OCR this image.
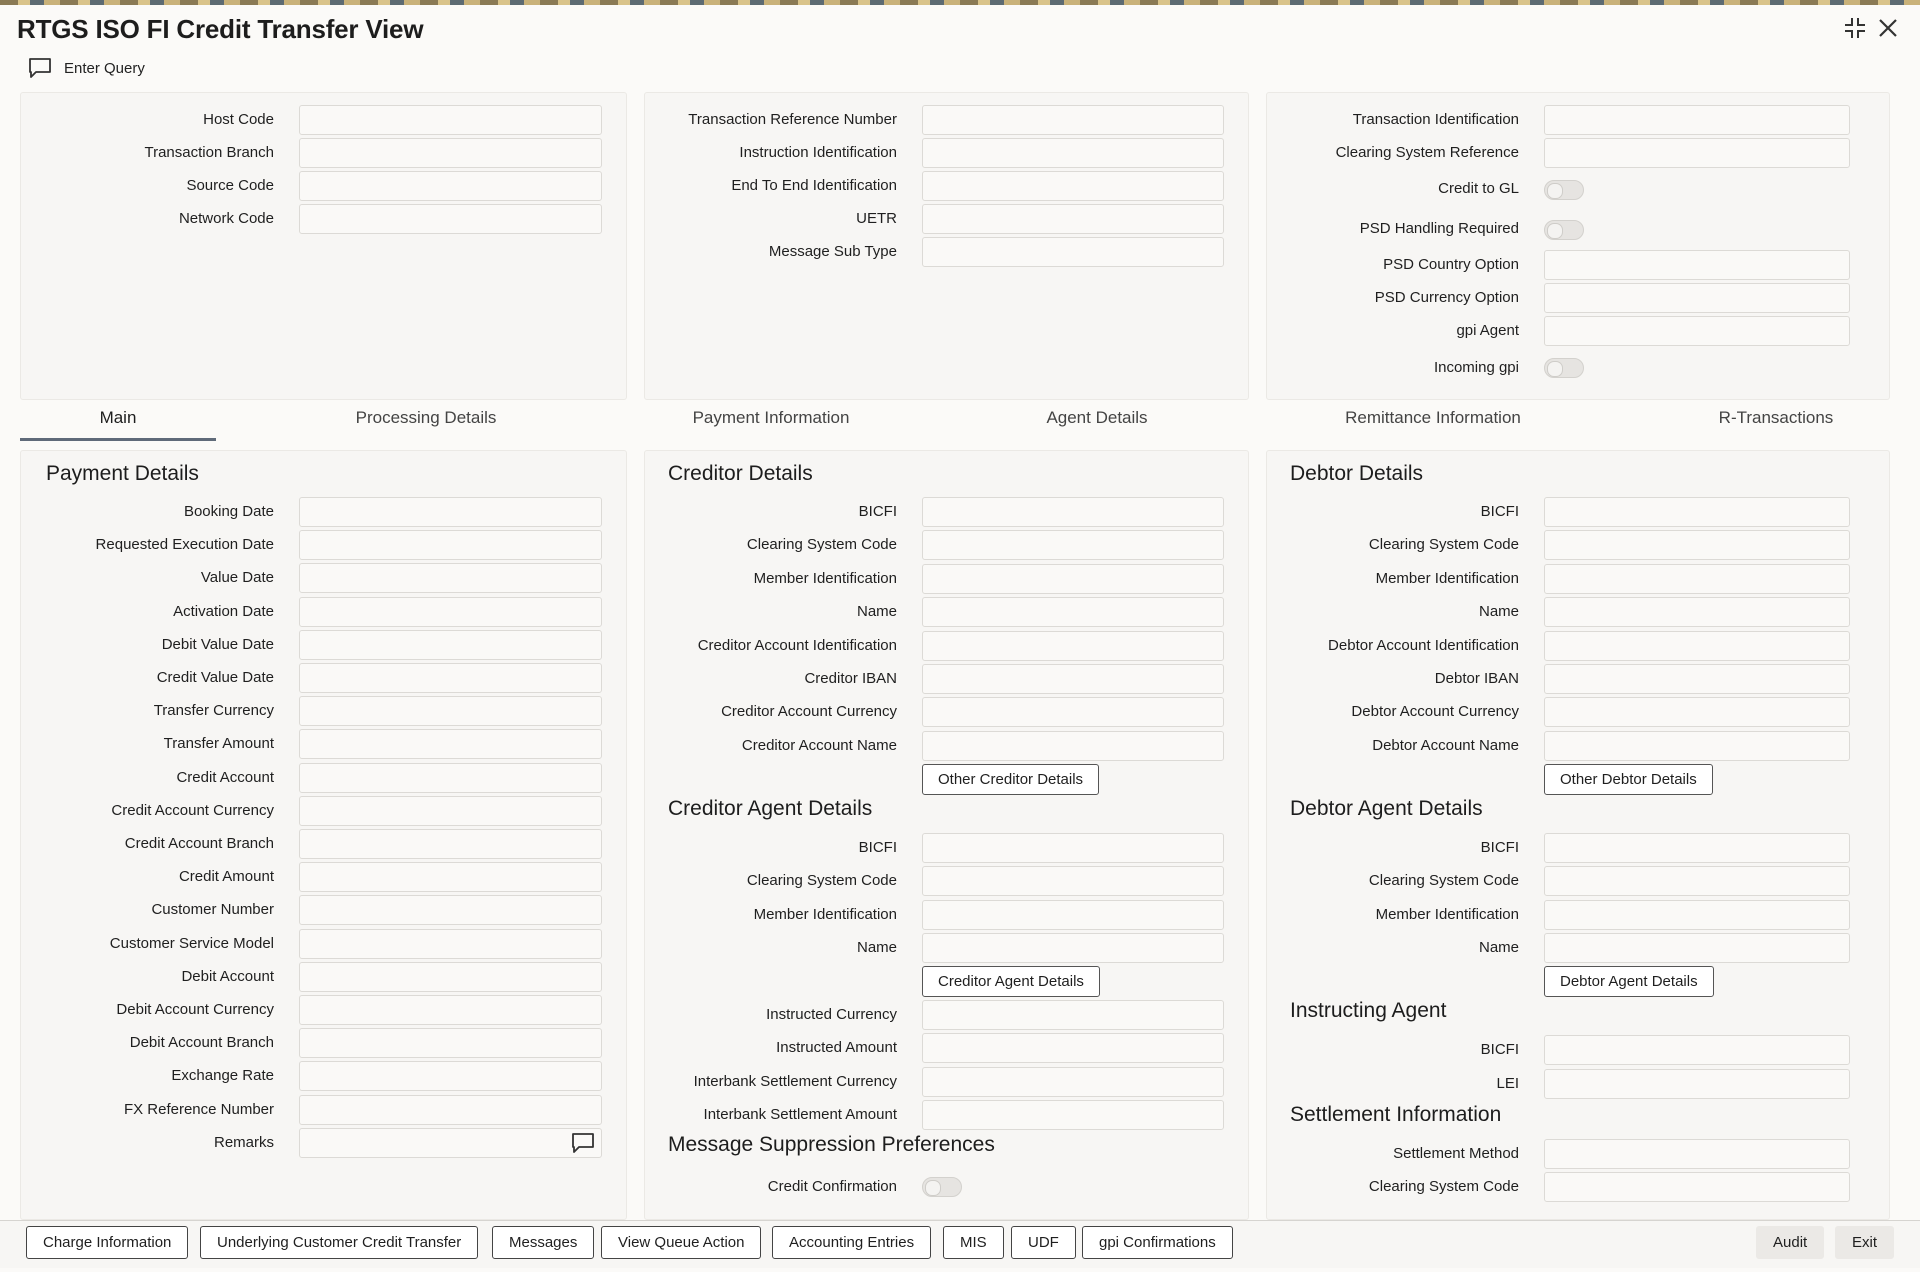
RTGS ISO FI Credit Transfer View
Enter Query
Host Code
Transaction Branch
Source Code
Network Code
Transaction Reference Number
Instruction Identification
End To End Identification
UETR
Message Sub Type
Transaction Identification
Clearing System Reference
Credit to GL
PSD Handling Required
PSD Country Option
PSD Currency Option
gpi Agent
Incoming gpi
Main	Processing Details	Payment Information	Agent Details	Remittance Information	R-Transactions
Payment Details
Booking Date
Requested Execution Date
Value Date
Activation Date
Debit Value Date
Credit Value Date
Transfer Currency
Transfer Amount
Credit Account
Credit Account Currency
Credit Account Branch
Credit Amount
Customer Number
Customer Service Model
Debit Account
Debit Account Currency
Debit Account Branch
Exchange Rate
FX Reference Number
Remarks
Creditor Details
BICFI
Clearing System Code
Member Identification
Name
Creditor Account Identification
Creditor IBAN
Creditor Account Currency
Creditor Account Name
Other Creditor Details
Creditor Agent Details
BICFI
Clearing System Code
Member Identification
Name
Creditor Agent Details
Instructed Currency
Instructed Amount
Interbank Settlement Currency
Interbank Settlement Amount
Message Suppression Preferences
Credit Confirmation
Debtor Details
BICFI
Clearing System Code
Member Identification
Name
Debtor Account Identification
Debtor IBAN
Debtor Account Currency
Debtor Account Name
Other Debtor Details
Debtor Agent Details
BICFI
Clearing System Code
Member Identification
Name
Debtor Agent Details
Instructing Agent
BICFI
LEI
Settlement Information
Settlement Method
Clearing System Code
Charge Information	Underlying Customer Credit Transfer	Messages	View Queue Action	Accounting Entries	MIS	UDF	gpi Confirmations	Audit	Exit
